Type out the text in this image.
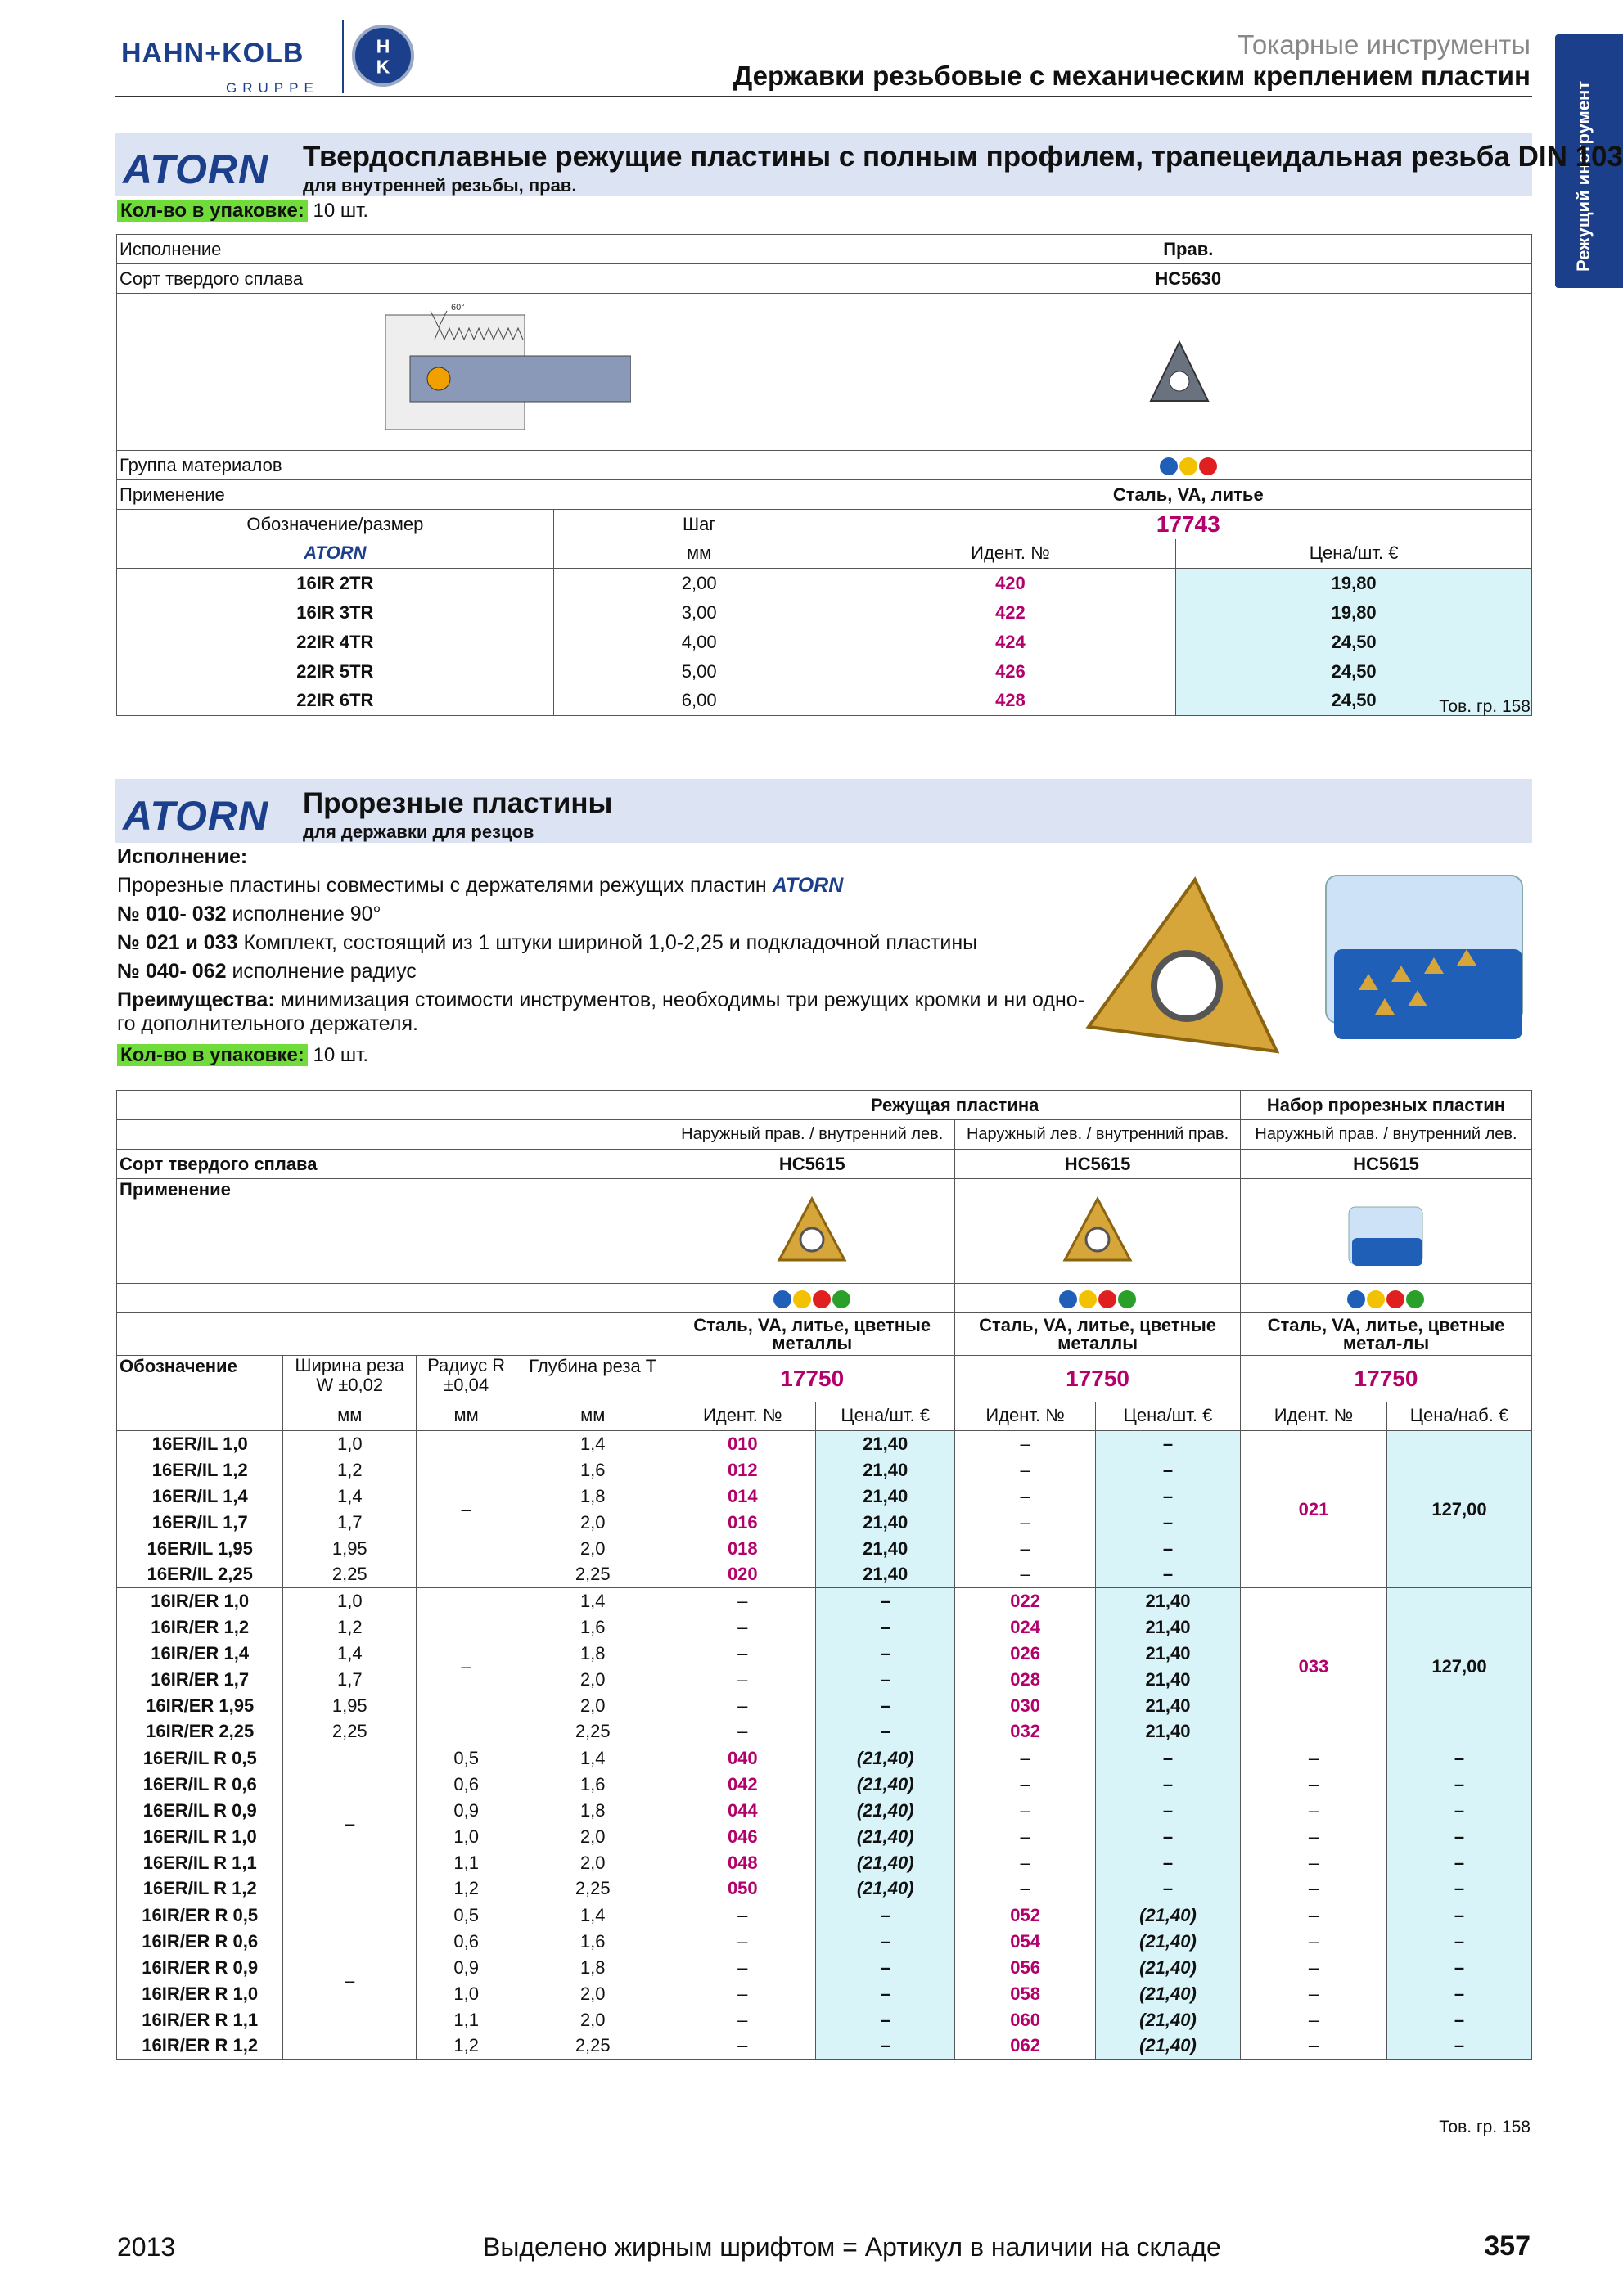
HAHN+KOLB
GRUPPE
H
K
Токарные инструменты
Державки резьбовые с механическим креплением пластин
Режущий инструмент
ATORN Твердосплавные режущие пластины с полным профилем, трапецеидальная резьба DIN 103
для внутренней резьбы, прав.
Кол-во в упаковке: 10 шт.
Исполнение		Прав.	
Сорт твердого сплава		HC5630	

60°

Группа материалов			
Применение		Сталь, VA, литье	
Обозначение/размер	Шаг	17743	
ATORN	мм	Идент. №	Цена/шт. €
16IR 2TR	2,00	420	19,80
16IR 3TR	3,00	422	19,80
22IR 4TR	4,00	424	24,50
22IR 5TR	5,00	426	24,50
22IR 6TR	6,00	428	24,50	Тов. гр. 158
ATORN Прорезные пластины
для державки для резцов
Исполнение:
Прорезные пластины совместимы с держателями режущих пластин ATORN
№ 010- 032 исполнение 90°
№ 021 и 033 Комплект, состоящий из 1 штуки шириной 1,0-2,25 и подкладочной пластины
№ 040- 062 исполнение радиус
Преимущества: минимизация стоимости инструментов, необходимы три режущих кромки и ни одно-
го дополнительного держателя.
Кол-во в упаковке: 10 шт.
				Режущая пластина				Набор прорезных пластин	
				Наружный прав. / внутренний лев.		Наружный лев. / внутренний прав.		Наружный прав. / внутренний лев.	
Сорт твердого сплава				HC5615		HC5615		HC5615	
Применение	

				Сталь, VA, литье, цветные металлы		Сталь, VA, литье, цветные металлы		Сталь, VA, литье, цветные метал-лы	
Обозначение	Ширина реза W ±0,02	Радиус R ±0,04	Глубина реза T	17750		17750		17750	
	мм	мм	мм	Идент. №	Цена/шт. €	Идент. №	Цена/шт. €	Идент. №	Цена/наб. €
16ER/IL 1,0	1,0	–	1,4	010	21,40	–	–	021	127,00
16ER/IL 1,2	1,2		1,6	012	21,40	–	–		
16ER/IL 1,4	1,4		1,8	014	21,40	–	–		
16ER/IL 1,7	1,7		2,0	016	21,40	–	–		
16ER/IL 1,95	1,95		2,0	018	21,40	–	–		
16ER/IL 2,25	2,25		2,25	020	21,40	–	–		
16IR/ER 1,0	1,0	–	1,4	–	–	022	21,40	033	127,00
16IR/ER 1,2	1,2		1,6	–	–	024	21,40		
16IR/ER 1,4	1,4		1,8	–	–	026	21,40		
16IR/ER 1,7	1,7		2,0	–	–	028	21,40		
16IR/ER 1,95	1,95		2,0	–	–	030	21,40		
16IR/ER 2,25	2,25		2,25	–	–	032	21,40		
16ER/IL R 0,5	–	0,5	1,4	040	(21,40)	–	–	–	–
16ER/IL R 0,6		0,6	1,6	042	(21,40)	–	–	–	–
16ER/IL R 0,9		0,9	1,8	044	(21,40)	–	–	–	–
16ER/IL R 1,0		1,0	2,0	046	(21,40)	–	–	–	–
16ER/IL R 1,1		1,1	2,0	048	(21,40)	–	–	–	–
16ER/IL R 1,2		1,2	2,25	050	(21,40)	–	–	–	–
16IR/ER R 0,5	–	0,5	1,4	–	–	052	(21,40)	–	–
16IR/ER R 0,6		0,6	1,6	–	–	054	(21,40)	–	–
16IR/ER R 0,9		0,9	1,8	–	–	056	(21,40)	–	–
16IR/ER R 1,0		1,0	2,0	–	–	058	(21,40)	–	–
16IR/ER R 1,1		1,1	2,0	–	–	060	(21,40)	–	–
16IR/ER R 1,2		1,2	2,25	–	–	062	(21,40)	–	–
Тов. гр. 158
2013	Выделено жирным шрифтом = Артикул в наличии на складе	357
